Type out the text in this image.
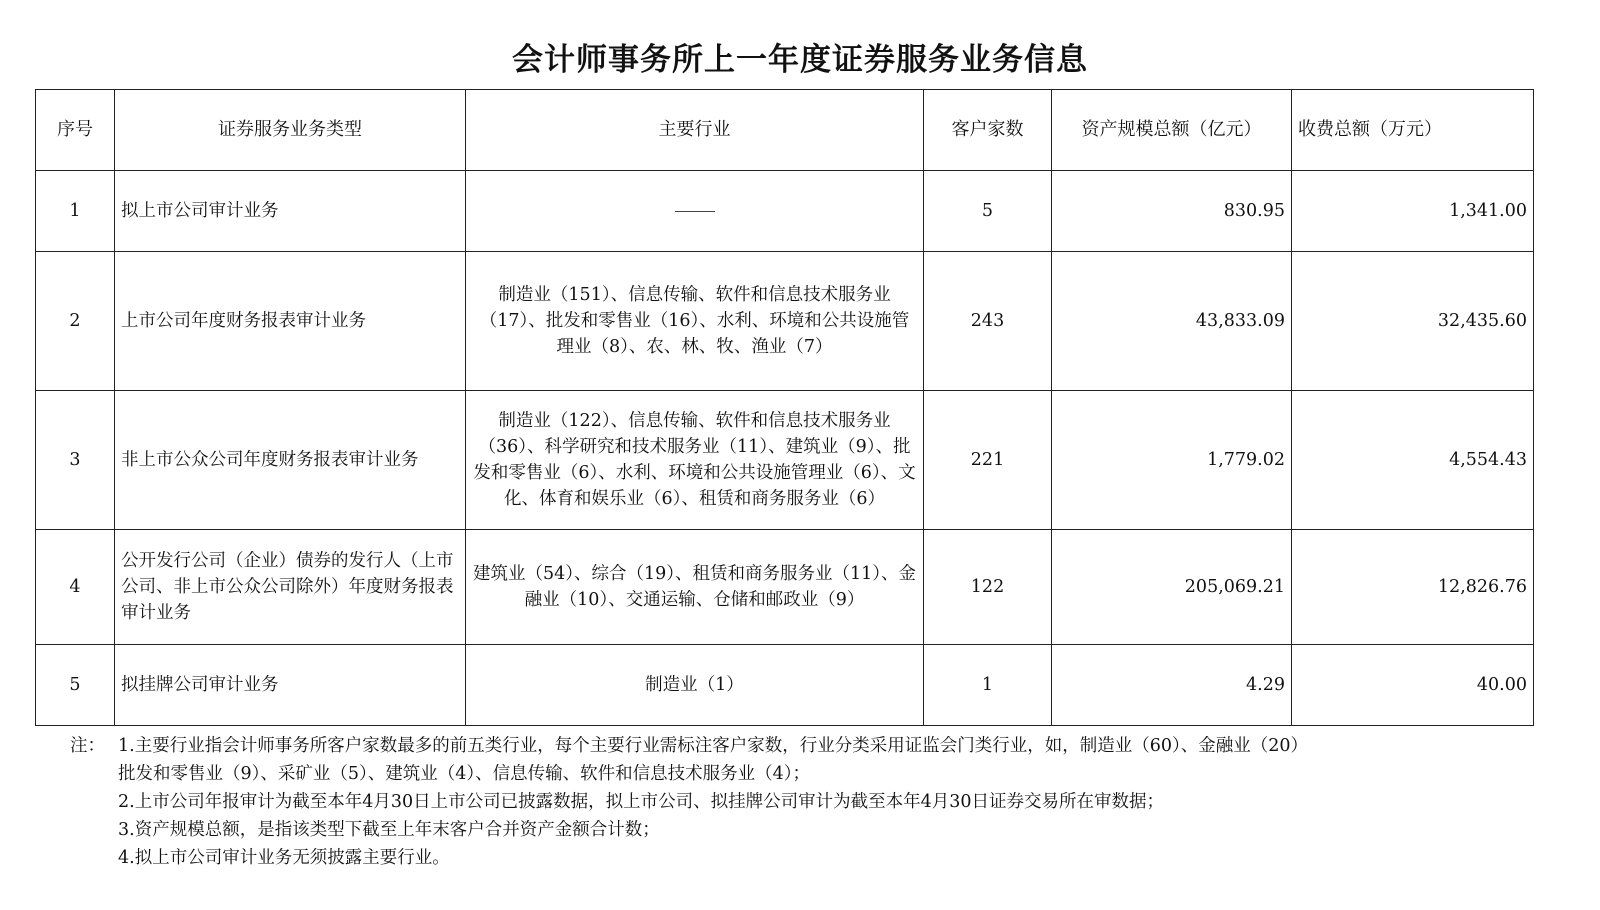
会计师事务所上一年度证券服务业务信息
序号	证券服务业务类型	主要行业	客户家数	资产规模总额（亿元）	收费总额（万元）
1	拟上市公司审计业务		5	830.95	1,341.00
2	上市公司年度财务报表审计业务	制造业（151）、信息传输、软件和信息技术服务业（17）、批发和零售业（16）、水利、环境和公共设施管理业（8）、农、林、牧、渔业（7）	243	43,833.09	32,435.60
3	非上市公众公司年度财务报表审计业务	制造业（122）、信息传输、软件和信息技术服务业（36）、科学研究和技术服务业（11）、建筑业（9）、批发和零售业（6）、水利、环境和公共设施管理业（6）、文化、体育和娱乐业（6）、租赁和商务服务业（6）	221	1,779.02	4,554.43
4	公开发行公司（企业）债券的发行人（上市公司、非上市公众公司除外）年度财务报表审计业务	建筑业（54）、综合（19）、租赁和商务服务业（11）、金融业（10）、交通运输、仓储和邮政业（9）	122	205,069.21	12,826.76
5	拟挂牌公司审计业务	制造业（1）	1	4.29	40.00
注： 1.主要行业指会计师事务所客户家数最多的前五类行业，每个主要行业需标注客户家数，行业分类采用证监会门类行业，如，制造业（60）、金融业（20）
批发和零售业（9）、采矿业（5）、建筑业（4）、信息传输、软件和信息技术服务业（4）；
2.上市公司年报审计为截至本年4月30日上市公司已披露数据，拟上市公司、拟挂牌公司审计为截至本年4月30日证券交易所在审数据；
3.资产规模总额，是指该类型下截至上年末客户合并资产金额合计数；
4.拟上市公司审计业务无须披露主要行业。
